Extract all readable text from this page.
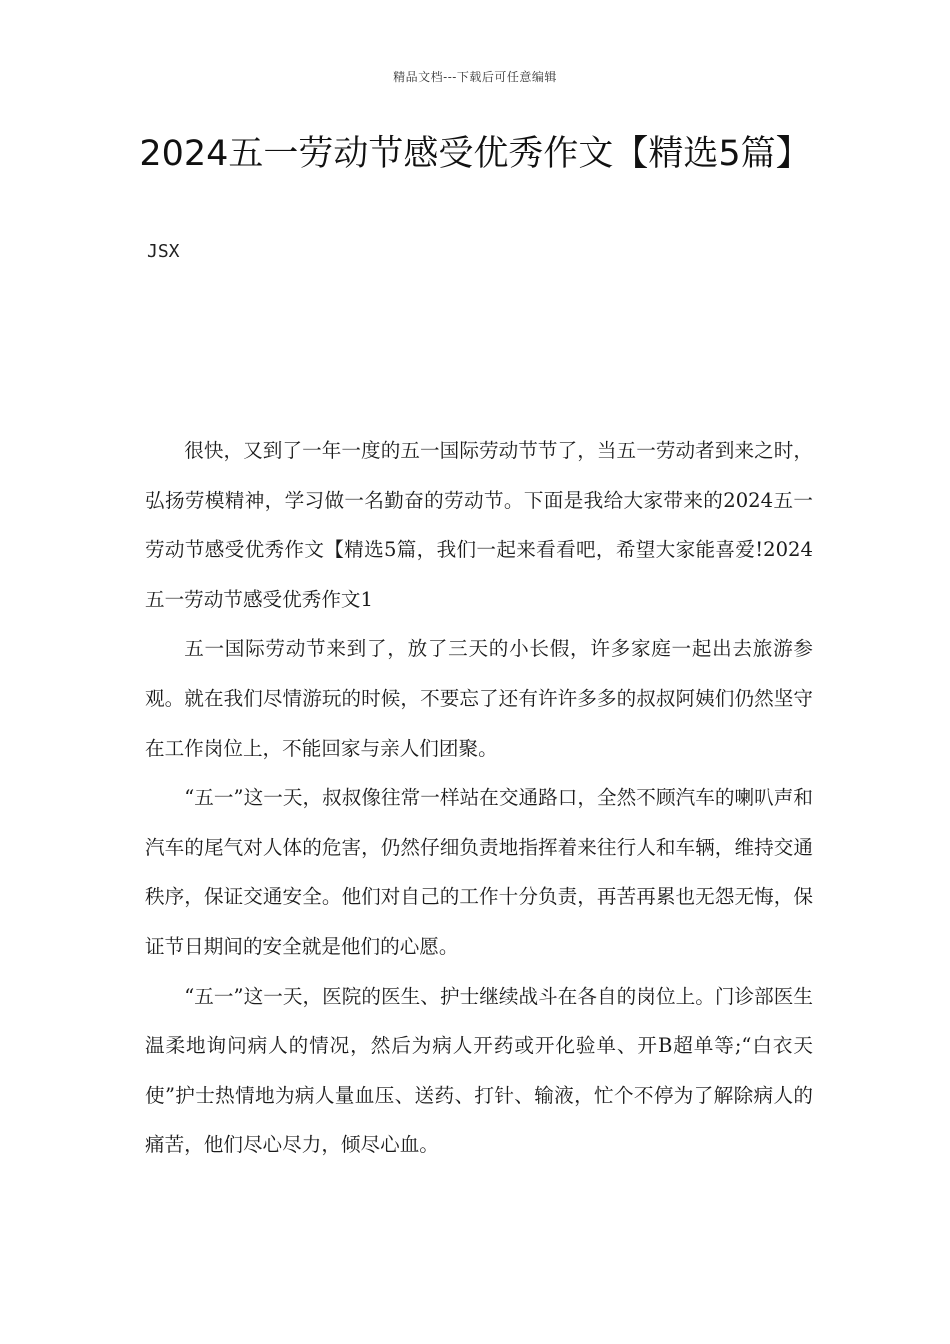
精品文档---下载后可任意编辑
2024五一劳动节感受优秀作文【精选5篇】
JSX

很快，又到了一年一度的五一国际劳动节节了，当五一劳动者到来之时，弘扬劳模精神，学习做一名勤奋的劳动节。下面是我给大家带来的2024五一劳动节感受优秀作文【精选5篇，我们一起来看看吧，希望大家能喜爱!2024五一劳动节感受优秀作文1

五一国际劳动节来到了，放了三天的小长假，许多家庭一起出去旅游参观。就在我们尽情游玩的时候，不要忘了还有许许多多的叔叔阿姨们仍然坚守在工作岗位上，不能回家与亲人们团聚。

“五一”这一天，叔叔像往常一样站在交通路口，全然不顾汽车的喇叭声和汽车的尾气对人体的危害，仍然仔细负责地指挥着来往行人和车辆，维持交通秩序，保证交通安全。他们对自己的工作十分负责，再苦再累也无怨无悔，保证节日期间的安全就是他们的心愿。

“五一”这一天，医院的医生、护士继续战斗在各自的岗位上。门诊部医生温柔地询问病人的情况，然后为病人开药或开化验单、开B超单等;“白衣天使”护士热情地为病人量血压、送药、打针、输液，忙个不停为了解除病人的痛苦，他们尽心尽力，倾尽心血。
